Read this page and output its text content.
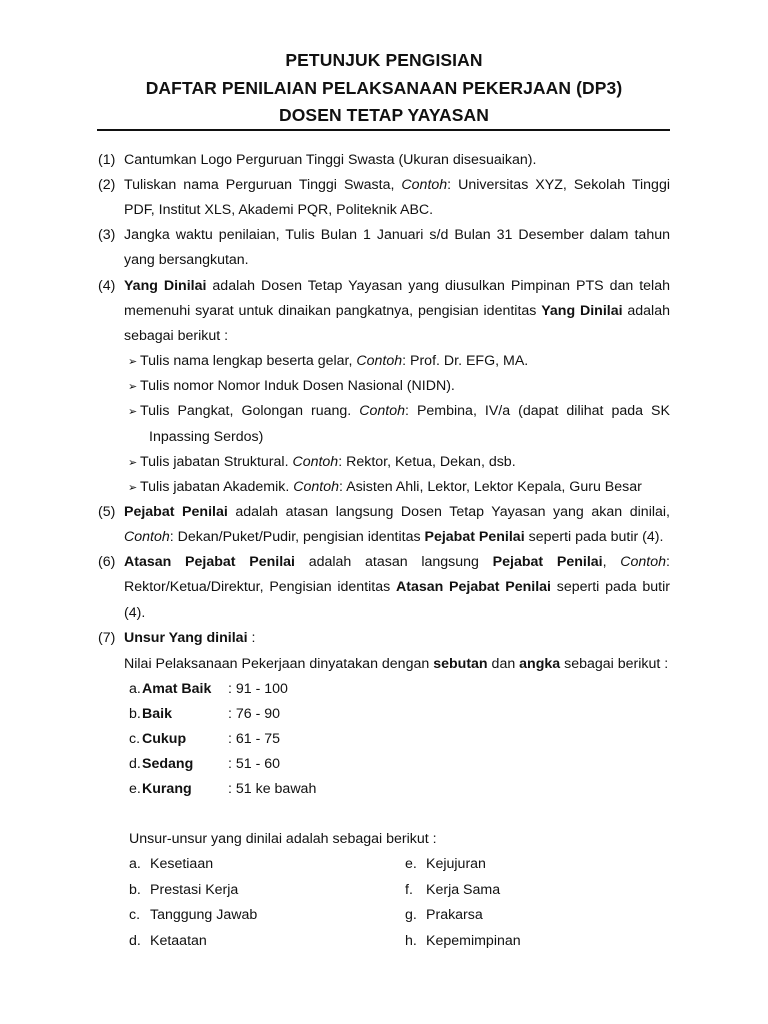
PETUNJUK PENGISIAN
DAFTAR PENILAIAN PELAKSANAAN PEKERJAAN (DP3)
DOSEN TETAP YAYASAN
(1) Cantumkan Logo Perguruan Tinggi Swasta (Ukuran disesuaikan).
(2) Tuliskan nama Perguruan Tinggi Swasta, Contoh: Universitas XYZ, Sekolah Tinggi
PDF, Institut XLS, Akademi PQR, Politeknik ABC.
(3) Jangka waktu penilaian, Tulis Bulan 1 Januari s/d Bulan 31 Desember dalam tahun
yang bersangkutan.
(4) Yang Dinilai adalah Dosen Tetap Yayasan yang diusulkan Pimpinan PTS dan telah
memenuhi syarat untuk dinaikan pangkatnya, pengisian identitas Yang Dinilai adalah
sebagai berikut :
➢ Tulis nama lengkap beserta gelar, Contoh: Prof. Dr. EFG, MA.
➢ Tulis nomor Nomor Induk Dosen Nasional (NIDN).
➢ Tulis Pangkat, Golongan ruang. Contoh: Pembina, IV/a (dapat dilihat pada SK
Inpassing Serdos)
➢ Tulis jabatan Struktural. Contoh: Rektor, Ketua, Dekan, dsb.
➢ Tulis jabatan Akademik. Contoh: Asisten Ahli, Lektor, Lektor Kepala, Guru Besar
(5) Pejabat Penilai adalah atasan langsung Dosen Tetap Yayasan yang akan dinilai,
Contoh: Dekan/Puket/Pudir, pengisian identitas Pejabat Penilai seperti pada butir (4).
(6) Atasan Pejabat Penilai adalah atasan langsung Pejabat Penilai, Contoh:
Rektor/Ketua/Direktur, Pengisian identitas Atasan Pejabat Penilai seperti pada butir
(4).
(7) Unsur Yang dinilai :
Nilai Pelaksanaan Pekerjaan dinyatakan dengan sebutan dan angka sebagai berikut :
a. Amat Baik : 91 - 100
b. Baik	: 76 - 90
c. Cukup	: 61 - 75
d. Sedang : 51 - 60
e. Kurang	: 51 ke bawah
Unsur-unsur yang dinilai adalah sebagai berikut :
a. Kesetiaan
b. Prestasi Kerja
c. Tanggung Jawab
d. Ketaatan
e. Kejujuran
f. Kerja Sama
g. Prakarsa
h. Kepemimpinan
